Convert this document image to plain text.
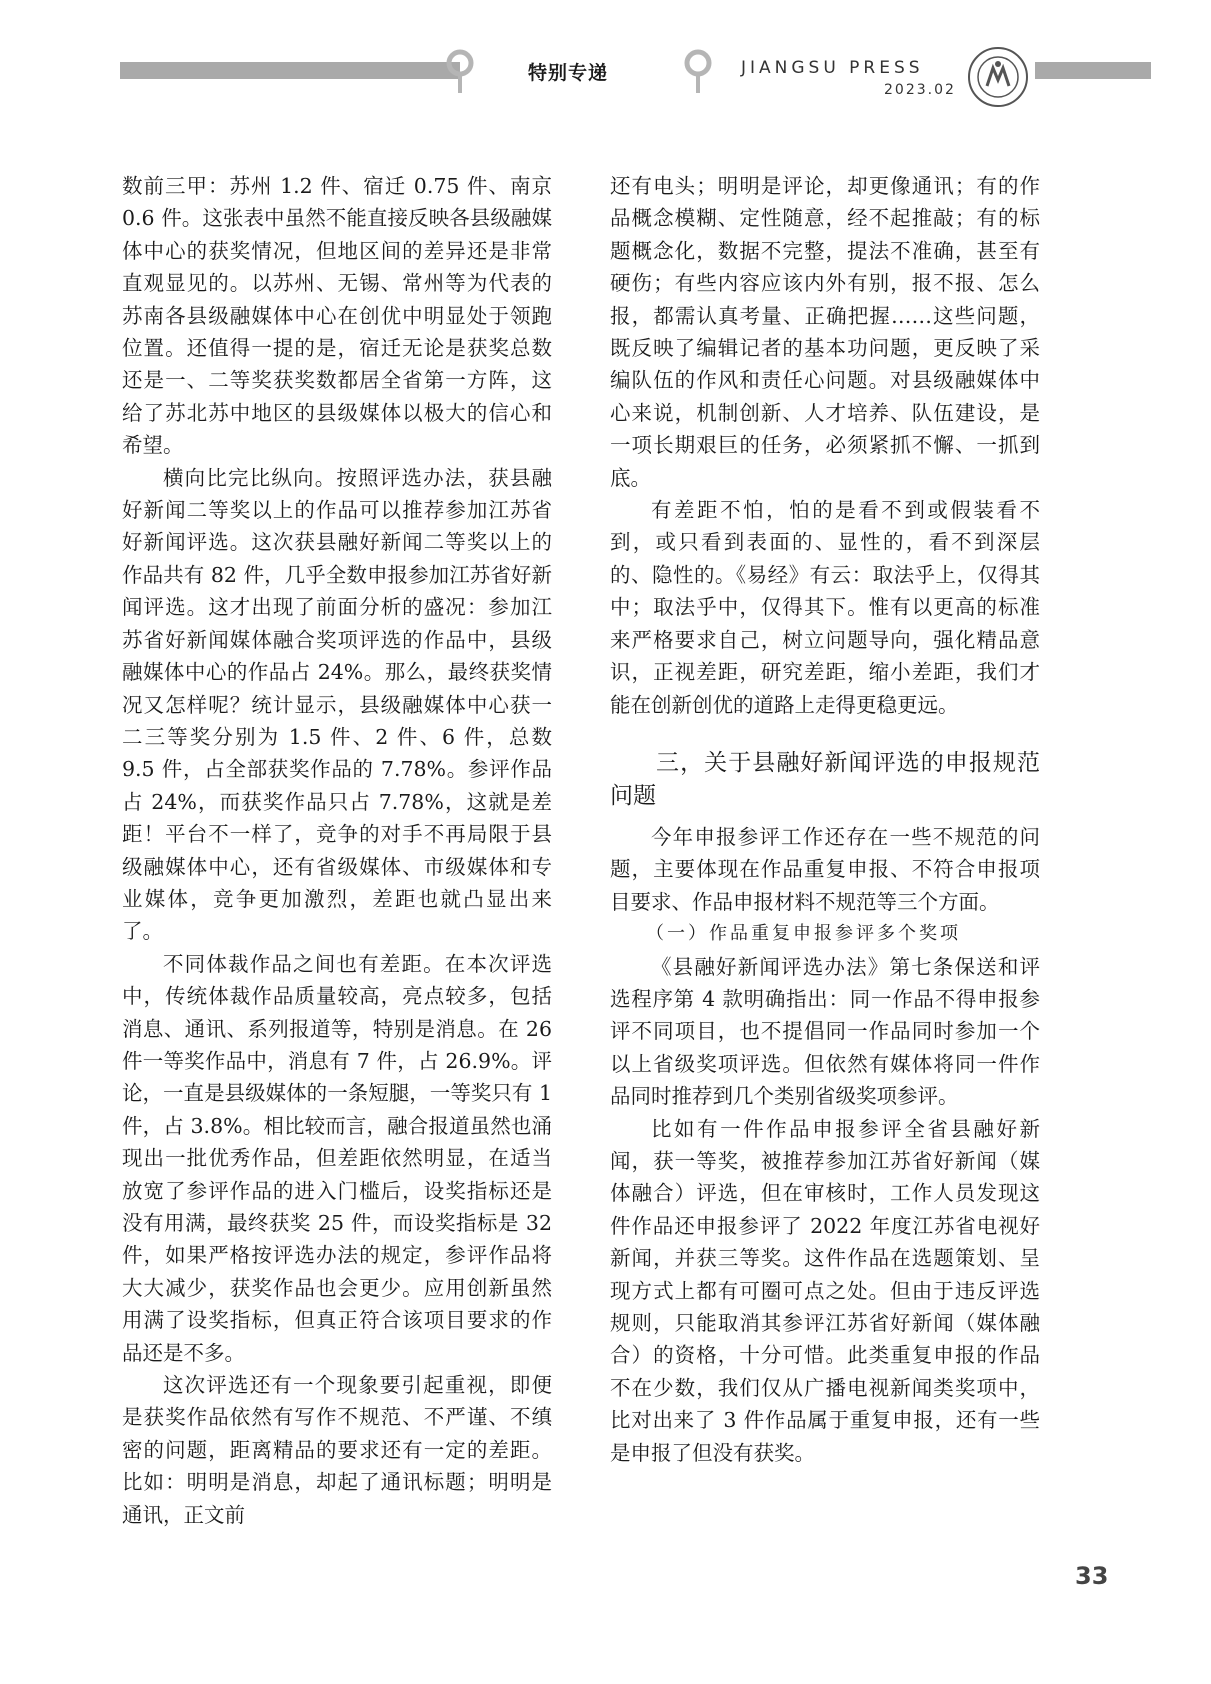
特别专递	JIANGSU PRESS
2023.02

数前三甲：苏州 1.2 件、宿迁 0.75 件、南京 0.6 件。这张表中虽然不能直接反映各县级融媒体中心的获奖情况，但地区间的差异还是非常直观显见的。以苏州、无锡、常州等为代表的苏南各县级融媒体中心在创优中明显处于领跑位置。还值得一提的是，宿迁无论是获奖总数还是一、二等奖获奖数都居全省第一方阵，这给了苏北苏中地区的县级媒体以极大的信心和希望。

横向比完比纵向。按照评选办法，获县融好新闻二等奖以上的作品可以推荐参加江苏省好新闻评选。这次获县融好新闻二等奖以上的作品共有 82 件，几乎全数申报参加江苏省好新闻评选。这才出现了前面分析的盛况：参加江苏省好新闻媒体融合奖项评选的作品中，县级融媒体中心的作品占 24%。那么，最终获奖情况又怎样呢？统计显示，县级融媒体中心获一二三等奖分别为 1.5 件、2 件、6 件，总数 9.5 件，占全部获奖作品的 7.78%。参评作品占 24%，而获奖作品只占 7.78%，这就是差距！平台不一样了，竞争的对手不再局限于县级融媒体中心，还有省级媒体、市级媒体和专业媒体，竞争更加激烈，差距也就凸显出来了。

不同体裁作品之间也有差距。在本次评选中，传统体裁作品质量较高，亮点较多，包括消息、通讯、系列报道等，特别是消息。在 26 件一等奖作品中，消息有 7 件，占 26.9%。评论，一直是县级媒体的一条短腿，一等奖只有 1 件，占 3.8%。相比较而言，融合报道虽然也涌现出一批优秀作品，但差距依然明显，在适当放宽了参评作品的进入门槛后，设奖指标还是没有用满，最终获奖 25 件，而设奖指标是 32 件，如果严格按评选办法的规定，参评作品将大大减少，获奖作品也会更少。应用创新虽然用满了设奖指标，但真正符合该项目要求的作品还是不多。

这次评选还有一个现象要引起重视，即便是获奖作品依然有写作不规范、不严谨、不缜密的问题，距离精品的要求还有一定的差距。比如：明明是消息，却起了通讯标题；明明是通讯，正文前

还有电头；明明是评论，却更像通讯；有的作品概念模糊、定性随意，经不起推敲；有的标题概念化，数据不完整，提法不准确，甚至有硬伤；有些内容应该内外有别，报不报、怎么报，都需认真考量、正确把握……这些问题，既反映了编辑记者的基本功问题，更反映了采编队伍的作风和责任心问题。对县级融媒体中心来说，机制创新、人才培养、队伍建设，是一项长期艰巨的任务，必须紧抓不懈、一抓到底。

有差距不怕，怕的是看不到或假装看不到，或只看到表面的、显性的，看不到深层的、隐性的。《易经》有云：取法乎上，仅得其中；取法乎中，仅得其下。惟有以更高的标准来严格要求自己，树立问题导向，强化精品意识，正视差距，研究差距，缩小差距，我们才能在创新创优的道路上走得更稳更远。

三，关于县融好新闻评选的申报规范问题

今年申报参评工作还存在一些不规范的问题，主要体现在作品重复申报、不符合申报项目要求、作品申报材料不规范等三个方面。

（一）作品重复申报参评多个奖项

《县融好新闻评选办法》第七条保送和评选程序第 4 款明确指出：同一作品不得申报参评不同项目，也不提倡同一作品同时参加一个以上省级奖项评选。但依然有媒体将同一件作品同时推荐到几个类别省级奖项参评。

比如有一件作品申报参评全省县融好新闻，获一等奖，被推荐参加江苏省好新闻（媒体融合）评选，但在审核时，工作人员发现这件作品还申报参评了 2022 年度江苏省电视好新闻，并获三等奖。这件作品在选题策划、呈现方式上都有可圈可点之处。但由于违反评选规则，只能取消其参评江苏省好新闻（媒体融合）的资格，十分可惜。此类重复申报的作品不在少数，我们仅从广播电视新闻类奖项中，比对出来了 3 件作品属于重复申报，还有一些是申报了但没有获奖。

33
